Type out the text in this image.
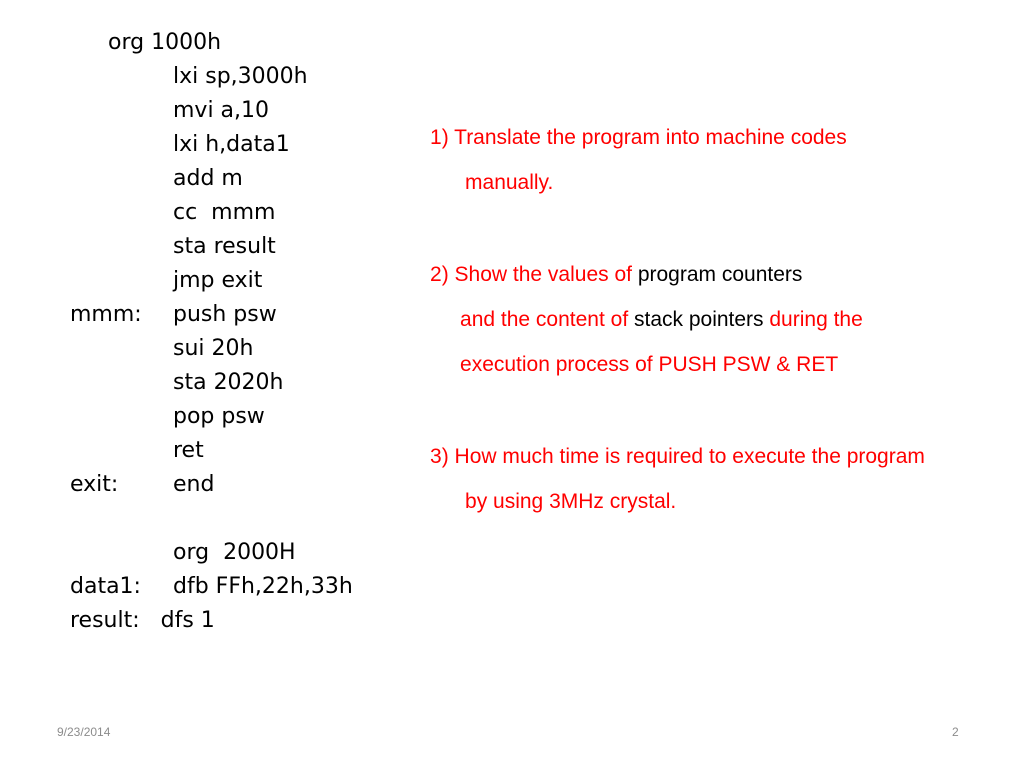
org 1000h

lxi sp,3000h

mvi a,10

lxi h,data1

add m

cc  mmm

sta result

jmp exit

mmm:

push psw

sui 20h

sta 2020h

pop psw

ret

exit:

end

org  2000H

data1:

dfb FFh,22h,33h

result:   dfs 1

1) Translate the program into machine codes

manually.

2) Show the values of program counters

and the content of stack pointers during the

execution process of PUSH PSW & RET

3) How much time is required to execute the program

by using 3MHz crystal.

9/23/2014	2
